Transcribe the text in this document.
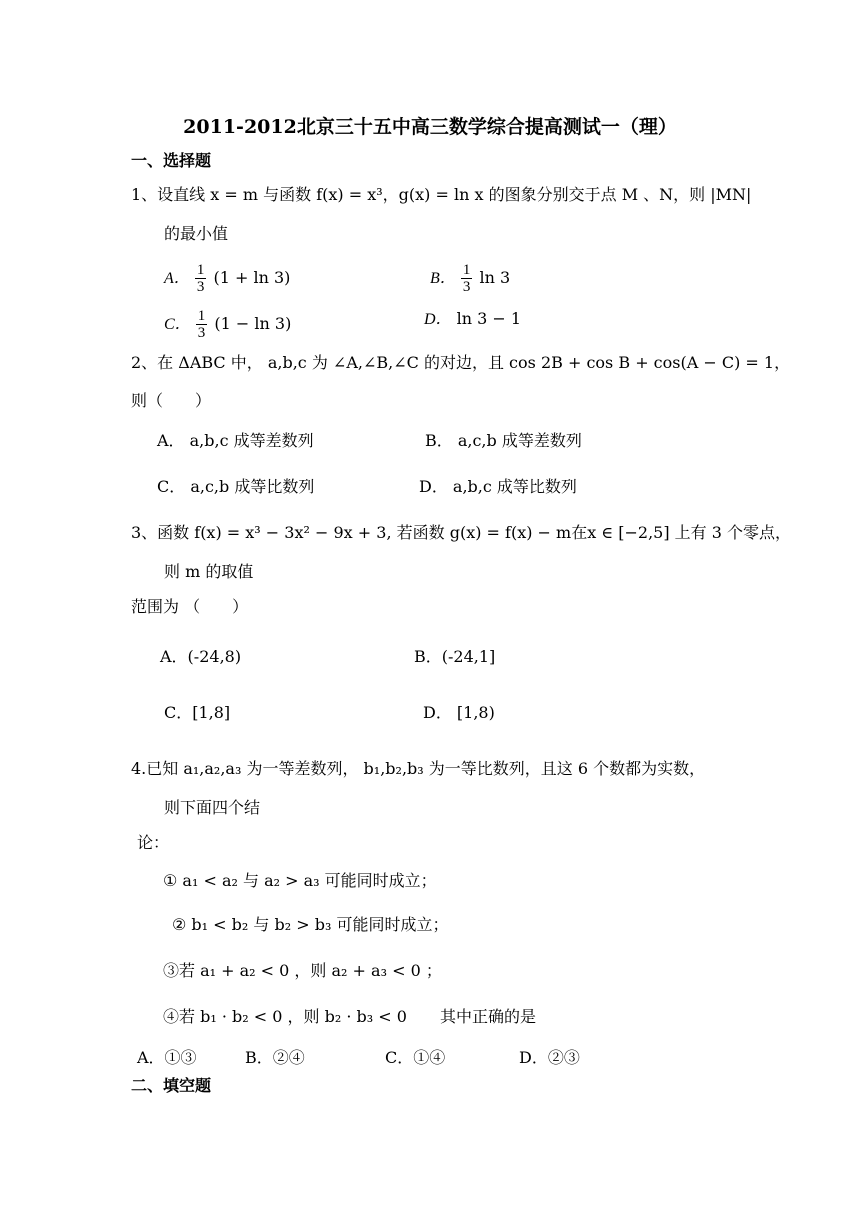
2011-2012北京三十五中高三数学综合提高测试一（理）
一、选择题
1、设直线 x = m 与函数 f(x) = x³，g(x) = ln x 的图象分别交于点 M 、N，则 |MN|
的最小值
A． $\frac{1}{3} (1 + \ln 3)$	B． $\frac{1}{3}$ ln 3
C． $\frac{1}{3} (1 - \ln 3)$	D． ln 3 − 1
2、在 ΔABC 中， a,b,c 为 ∠A,∠B,∠C 的对边，且 cos 2B + cos B + cos(A − C) = 1，
则（　　）
A． a,b,c 成等差数列	B． a,c,b 成等差数列
C． a,c,b 成等比数列	D． a,b,c 成等比数列
3、函数 f(x) = x³ − 3x² − 9x + 3, 若函数 g(x) = f(x) − m在x ∈ [−2,5] 上有 3 个零点，
则 m 的取值
范围为 （　　）
A．(-24,8)	B．(-24,1]
C．[1,8]	D． [1,8)
4.已知 a₁,a₂,a₃ 为一等差数列， b₁,b₂,b₃ 为一等比数列，且这 6 个数都为实数，
则下面四个结
论：
① a₁ < a₂ 与 a₂ > a₃ 可能同时成立；
② b₁ < b₂ 与 b₂ > b₃ 可能同时成立；
③若 a₁ + a₂ < 0 ，则 a₂ + a₃ < 0 ；
④若 b₁ · b₂ < 0 ，则 b₂ · b₃ < 0 其中正确的是
A．①③	B．②④	C．①④	D．②③
二、填空题
